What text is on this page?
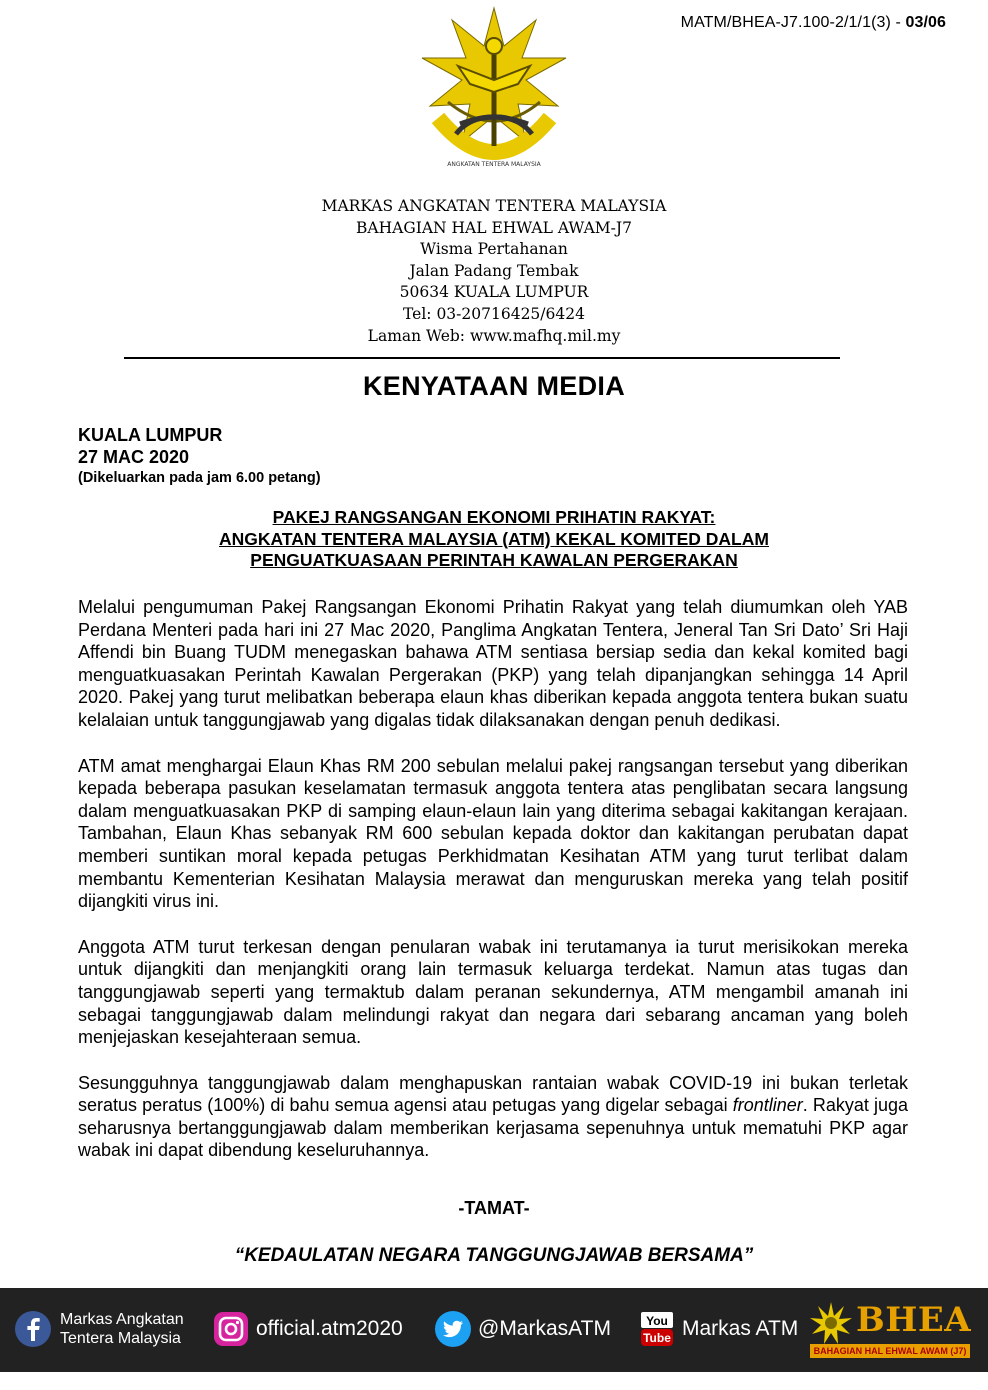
MATM/BHEA-J7.100-2/1/1(3) - 03/06
ANGKATAN TENTERA MALAYSIA
MARKAS ANGKATAN TENTERA MALAYSIA
BAHAGIAN HAL EHWAL AWAM-J7
Wisma Pertahanan
Jalan Padang Tembak
50634 KUALA LUMPUR
Tel: 03-20716425/6424
Laman Web: www.mafhq.mil.my
KENYATAAN MEDIA
KUALA LUMPUR
27 MAC 2020
(Dikeluarkan pada jam 6.00 petang)
PAKEJ RANGSANGAN EKONOMI PRIHATIN RAKYAT:
ANGKATAN TENTERA MALAYSIA (ATM) KEKAL KOMITED DALAM
PENGUATKUASAAN PERINTAH KAWALAN PERGERAKAN

Melalui pengumuman Pakej Rangsangan Ekonomi Prihatin Rakyat yang telah diumumkan oleh YAB Perdana Menteri pada hari ini 27 Mac 2020, Panglima Angkatan Tentera, Jeneral Tan Sri Dato’ Sri Haji Affendi bin Buang TUDM menegaskan bahawa ATM sentiasa bersiap sedia dan kekal komited bagi menguatkuasakan Perintah Kawalan Pergerakan (PKP) yang telah dipanjangkan sehingga 14 April 2020. Pakej yang turut melibatkan beberapa elaun khas diberikan kepada anggota tentera bukan suatu kelalaian untuk tanggungjawab yang digalas tidak dilaksanakan dengan penuh dedikasi.

ATM amat menghargai Elaun Khas RM 200 sebulan melalui pakej rangsangan tersebut yang diberikan kepada beberapa pasukan keselamatan termasuk anggota tentera atas penglibatan secara langsung dalam menguatkuasakan PKP di samping elaun-elaun lain yang diterima sebagai kakitangan kerajaan. Tambahan, Elaun Khas sebanyak RM 600 sebulan kepada doktor dan kakitangan perubatan dapat memberi suntikan moral kepada petugas Perkhidmatan Kesihatan ATM yang turut terlibat dalam membantu Kementerian Kesihatan Malaysia merawat dan menguruskan mereka yang telah positif dijangkiti virus ini.

Anggota ATM turut terkesan dengan penularan wabak ini terutamanya ia turut merisikokan mereka untuk dijangkiti dan menjangkiti orang lain termasuk keluarga terdekat. Namun atas tugas dan tanggungjawab seperti yang termaktub dalam peranan sekundernya, ATM mengambil amanah ini sebagai tanggungjawab dalam melindungi rakyat dan negara dari sebarang ancaman yang boleh menjejaskan kesejahteraan semua.

Sesungguhnya tanggungjawab dalam menghapuskan rantaian wabak COVID-19 ini bukan terletak seratus peratus (100%) di bahu semua agensi atau petugas yang digelar sebagai frontliner. Rakyat juga seharusnya bertanggungjawab dalam memberikan kerjasama sepenuhnya untuk mematuhi PKP agar wabak ini dapat dibendung keseluruhannya.

-TAMAT-
“KEDAULATAN NEGARA TANGGUNGJAWAB BERSAMA”
Markas Angkatan
Tentera Malaysia	official.atm2020	@MarkasATM	You
Tube Markas ATM BHEA
BAHAGIAN HAL EHWAL AWAM (J7)
